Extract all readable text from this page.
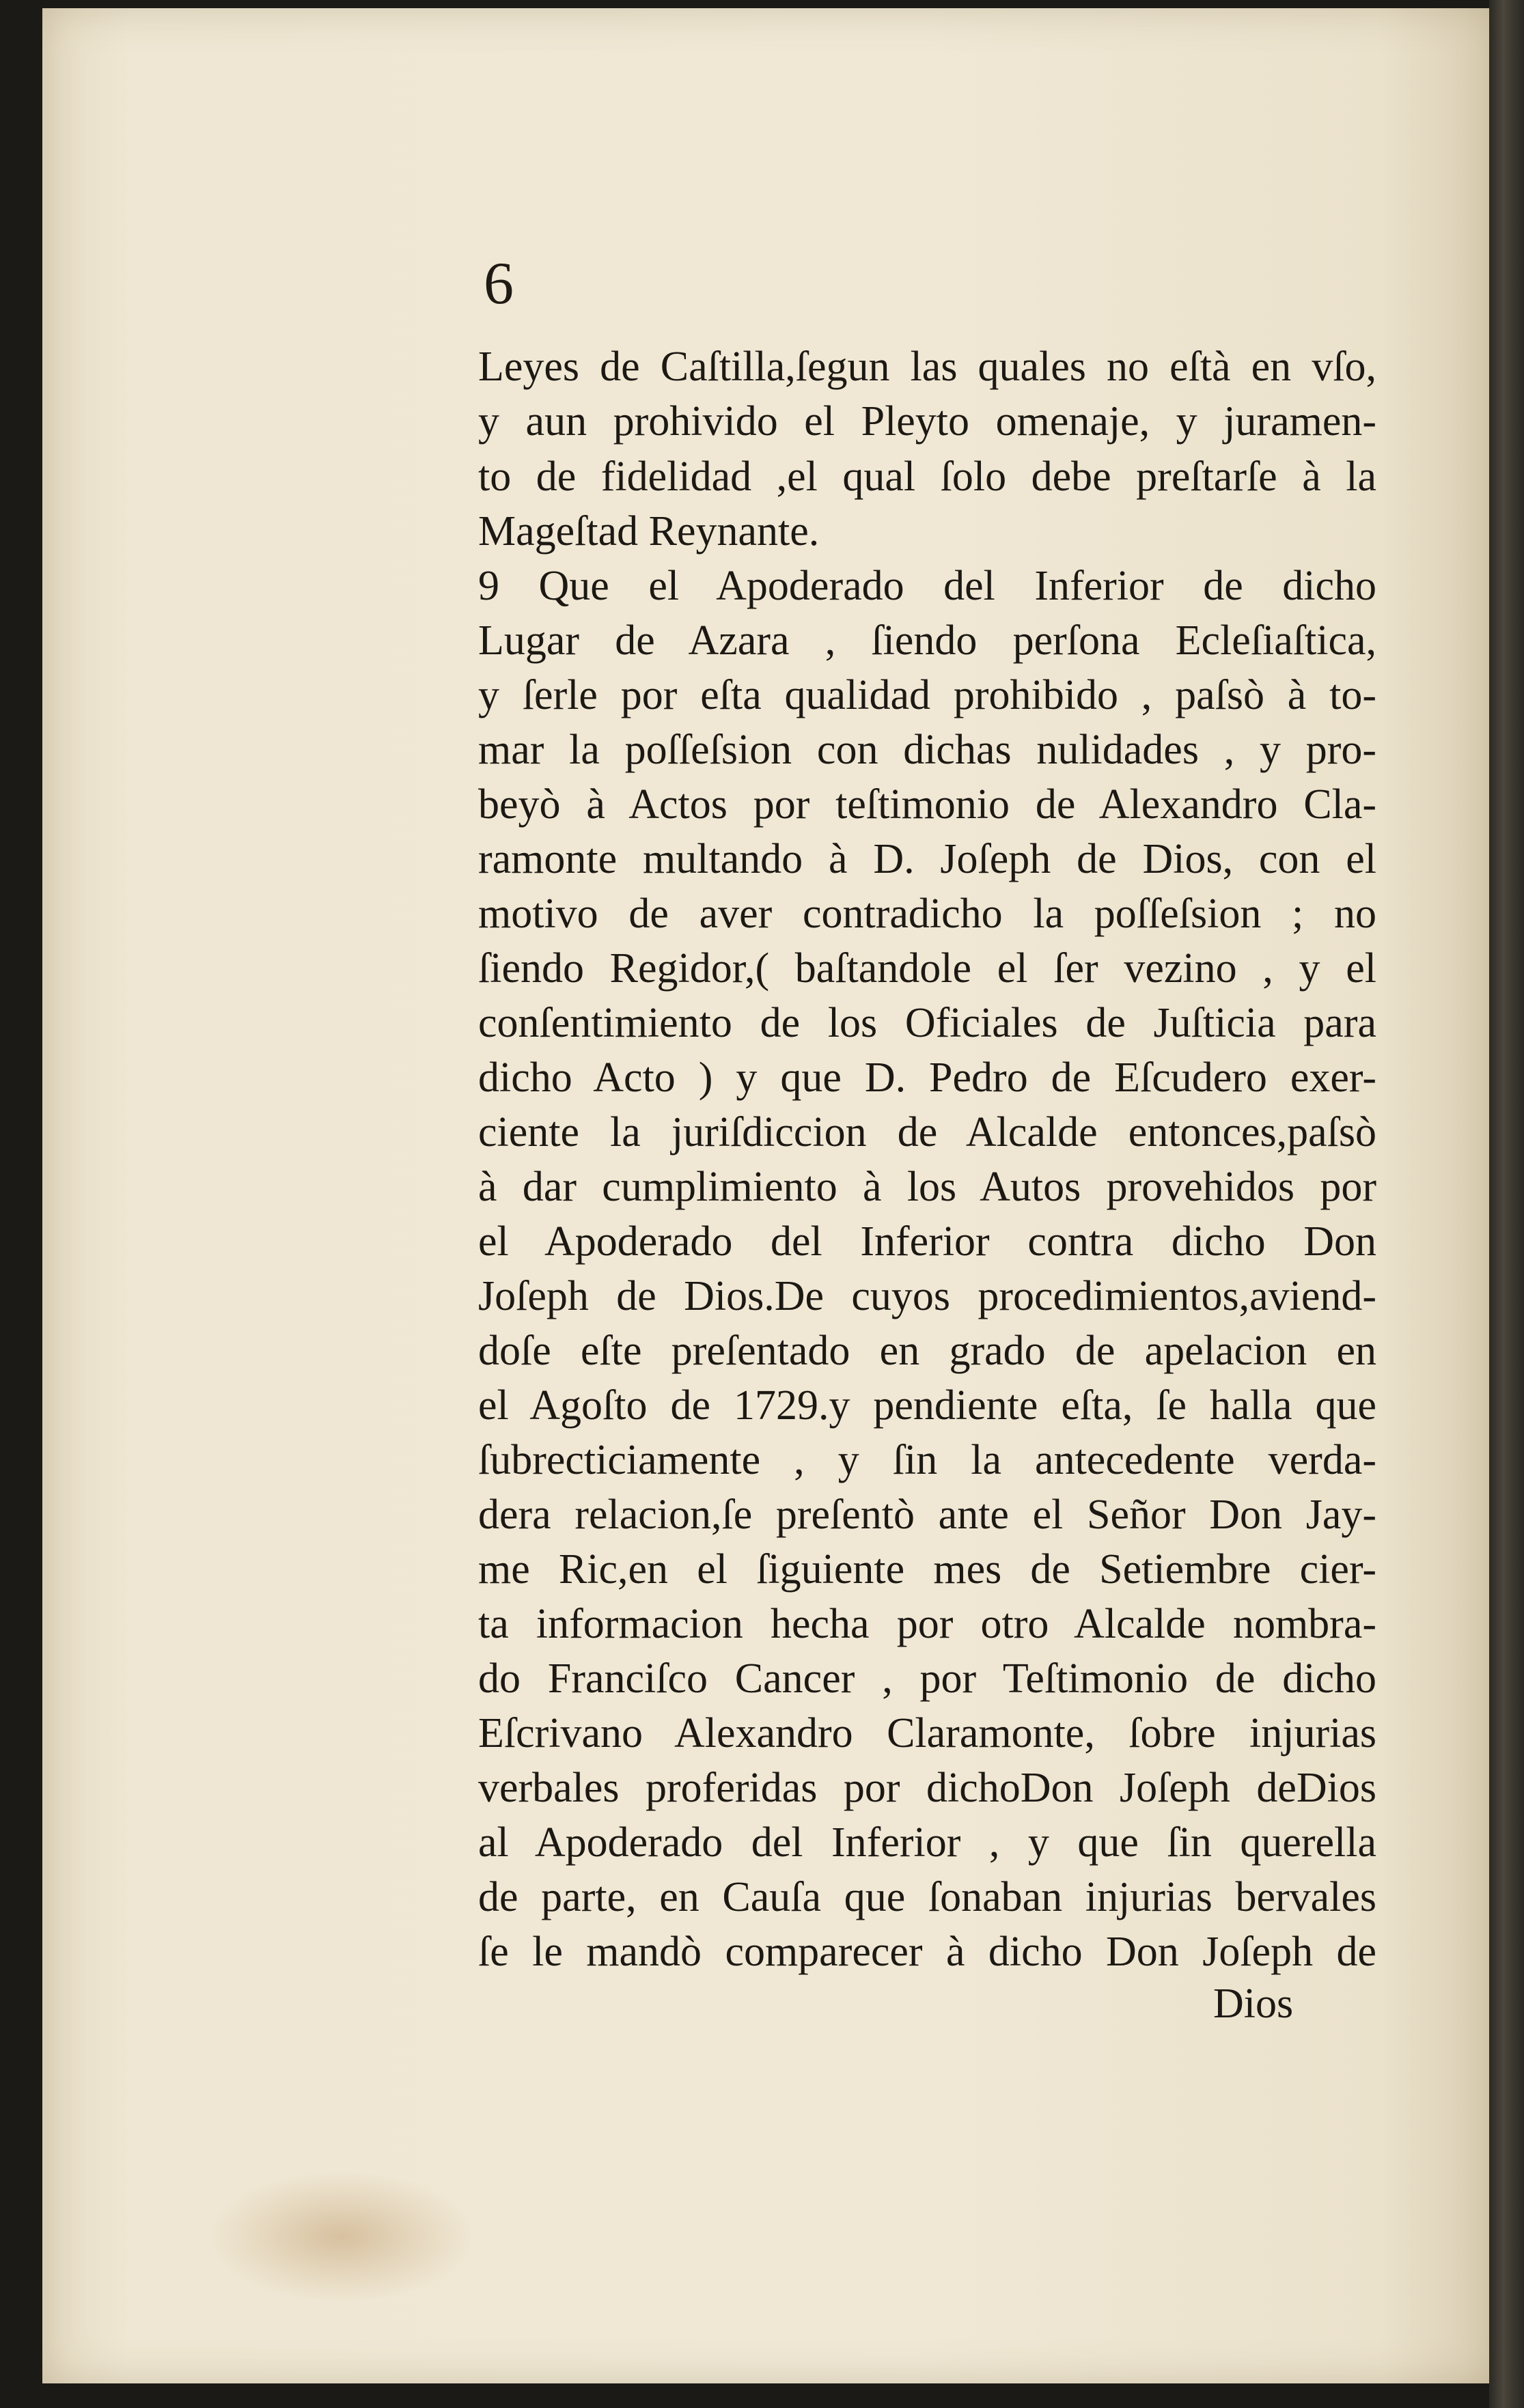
6
Leyes de Caſtilla,ſegun las quales no eſtà en vſo,
y aun prohivido el Pleyto omenaje, y juramen-
to de fidelidad ,el qual ſolo debe preſtarſe à la
Mageſtad Reynante.
9 Que el Apoderado del Inferior de dicho
Lugar de Azara , ſiendo perſona Ecleſiaſtica,
y ſerle por eſta qualidad prohibido , paſsò à to-
mar la poſſeſsion con dichas nulidades , y pro-
beyò à Actos por teſtimonio de Alexandro Cla-
ramonte multando à D. Joſeph de Dios, con el
motivo de aver contradicho la poſſeſsion ; no
ſiendo Regidor,( baſtandole el ſer vezino , y el
conſentimiento de los Oficiales de Juſticia para
dicho Acto ) y que D. Pedro de Eſcudero exer-
ciente la juriſdiccion de Alcalde entonces,paſsò
à dar cumplimiento à los Autos provehidos por
el Apoderado del Inferior contra dicho Don
Joſeph de Dios.De cuyos procedimientos,aviend-
doſe eſte preſentado en grado de apelacion en
el Agoſto de 1729.y pendiente eſta, ſe halla que
ſubrecticiamente , y ſin la antecedente verda-
dera relacion,ſe preſentò ante el Señor Don Jay-
me Ric,en el ſiguiente mes de Setiembre cier-
ta informacion hecha por otro Alcalde nombra-
do Franciſco Cancer , por Teſtimonio de dicho
Eſcrivano Alexandro Claramonte, ſobre injurias
verbales proferidas por dichoDon Joſeph deDios
al Apoderado del Inferior , y que ſin querella
de parte, en Cauſa que ſonaban injurias bervales
ſe le mandò comparecer à dicho Don Joſeph de
Dios
